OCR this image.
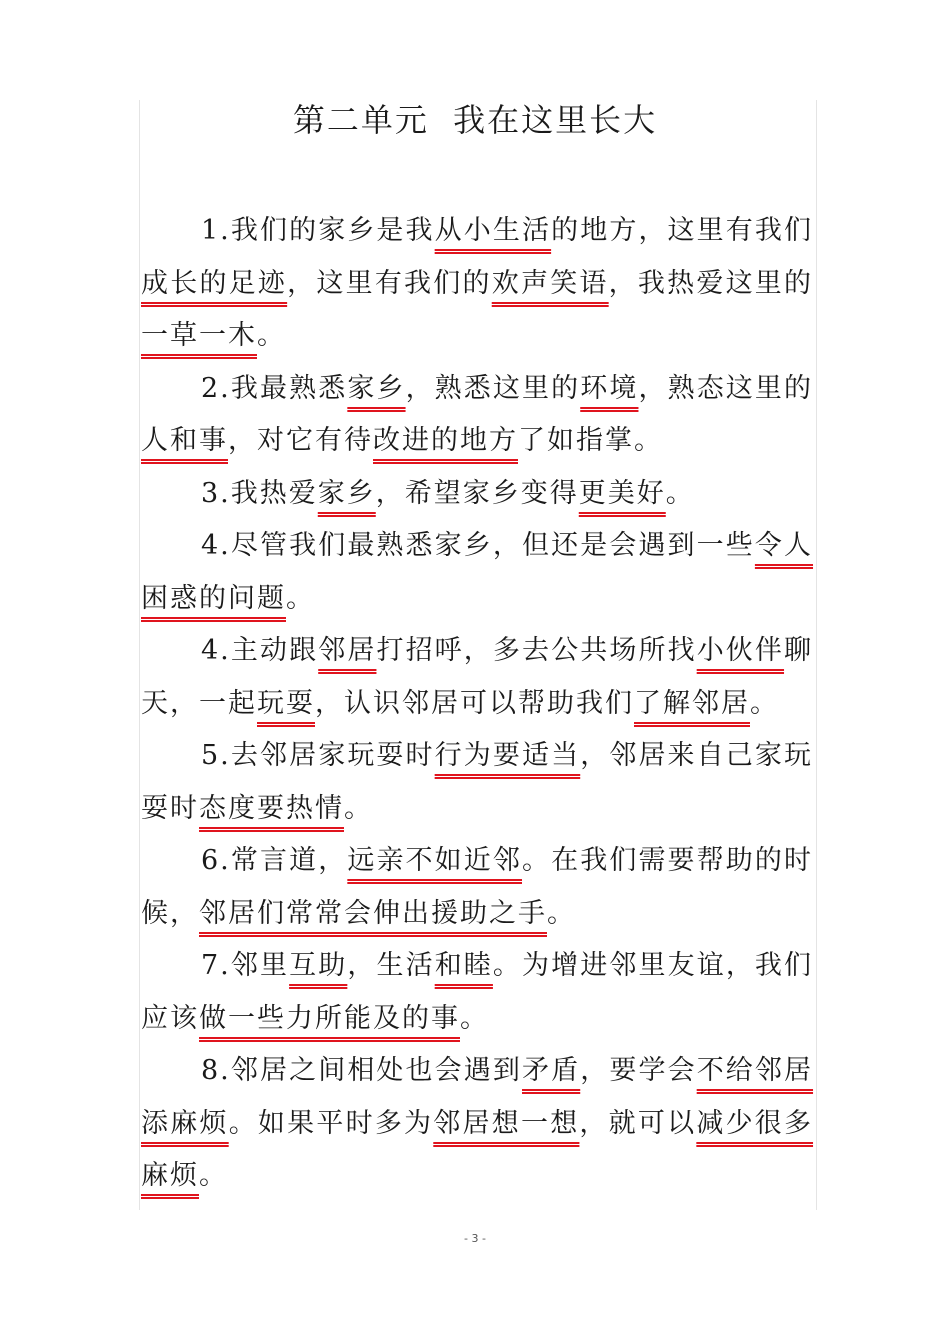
第二单元  我在这里长大

1.我们的家乡是我从小生活的地方，这里有我们成长的足迹，这里有我们的欢声笑语，我热爱这里的一草一木。

2.我最熟悉家乡，熟悉这里的环境，熟态这里的人和事，对它有待改进的地方了如指掌。

3.我热爱家乡，希望家乡变得更美好。

4.尽管我们最熟悉家乡，但还是会遇到一些令人困惑的问题。

4.主动跟邻居打招呼，多去公共场所找小伙伴聊天，一起玩耍，认识邻居可以帮助我们了解邻居。

5.去邻居家玩耍时行为要适当，邻居来自己家玩耍时态度要热情。

6.常言道，远亲不如近邻。在我们需要帮助的时候，邻居们常常会伸出援助之手。

7.邻里互助，生活和睦。为增进邻里友谊，我们应该做一些力所能及的事。

8.邻居之间相处也会遇到矛盾，要学会不给邻居添麻烦。如果平时多为邻居想一想，就可以减少很多麻烦。

- 3 -
